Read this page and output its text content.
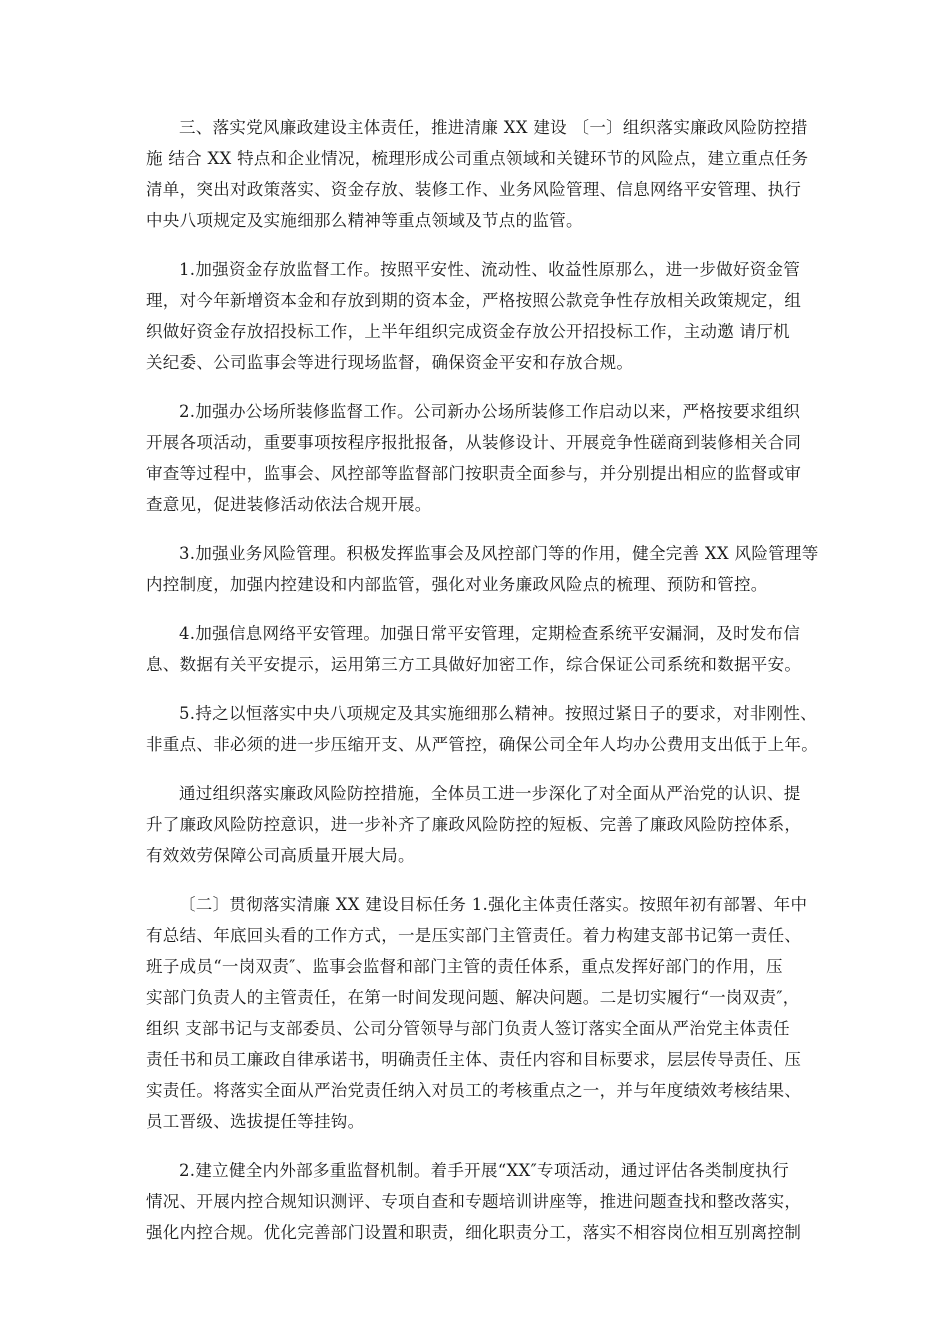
三、落实党风廉政建设主体责任，推进清廉 XX 建设 〔一〕组织落实廉政风险防控措
施 结合 XX 特点和企业情况，梳理形成公司重点领域和关键环节的风险点，建立重点任务
清单，突出对政策落实、资金存放、装修工作、业务风险管理、信息网络平安管理、执行
中央八项规定及实施细那么精神等重点领域及节点的监管。

1.加强资金存放监督工作。按照平安性、流动性、收益性原那么，进一步做好资金管
理，对今年新增资本金和存放到期的资本金，严格按照公款竞争性存放相关政策规定，组
织做好资金存放招投标工作，上半年组织完成资金存放公开招投标工作，主动邀 请厅机
关纪委、公司监事会等进行现场监督，确保资金平安和存放合规。

2.加强办公场所装修监督工作。公司新办公场所装修工作启动以来，严格按要求组织
开展各项活动，重要事项按程序报批报备，从装修设计、开展竞争性磋商到装修相关合同
审查等过程中，监事会、风控部等监督部门按职责全面参与，并分别提出相应的监督或审
查意见，促进装修活动依法合规开展。

3.加强业务风险管理。积极发挥监事会及风控部门等的作用，健全完善 XX 风险管理等
内控制度，加强内控建设和内部监管，强化对业务廉政风险点的梳理、预防和管控。

4.加强信息网络平安管理。加强日常平安管理，定期检查系统平安漏洞，及时发布信
息、数据有关平安提示，运用第三方工具做好加密工作，综合保证公司系统和数据平安。

5.持之以恒落实中央八项规定及其实施细那么精神。按照过紧日子的要求，对非刚性、
非重点、非必须的进一步压缩开支、从严管控，确保公司全年人均办公费用支出低于上年。

通过组织落实廉政风险防控措施，全体员工进一步深化了对全面从严治党的认识、提
升了廉政风险防控意识，进一步补齐了廉政风险防控的短板、完善了廉政风险防控体系，
有效效劳保障公司高质量开展大局。

〔二〕贯彻落实清廉 XX 建设目标任务 1.强化主体责任落实。按照年初有部署、年中
有总结、年底回头看的工作方式，一是压实部门主管责任。着力构建支部书记第一责任、
班子成员“一岗双责″、监事会监督和部门主管的责任体系，重点发挥好部门的作用，压
实部门负责人的主管责任，在第一时间发现问题、解决问题。二是切实履行“一岗双责″，
组织 支部书记与支部委员、公司分管领导与部门负责人签订落实全面从严治党主体责任
责任书和员工廉政自律承诺书，明确责任主体、责任内容和目标要求，层层传导责任、压
实责任。将落实全面从严治党责任纳入对员工的考核重点之一，并与年度绩效考核结果、
员工晋级、选拔提任等挂钩。

2.建立健全内外部多重监督机制。着手开展“XX″专项活动，通过评估各类制度执行
情况、开展内控合规知识测评、专项自查和专题培训讲座等，推进问题查找和整改落实，
强化内控合规。优化完善部门设置和职责，细化职责分工，落实不相容岗位相互别离控制
